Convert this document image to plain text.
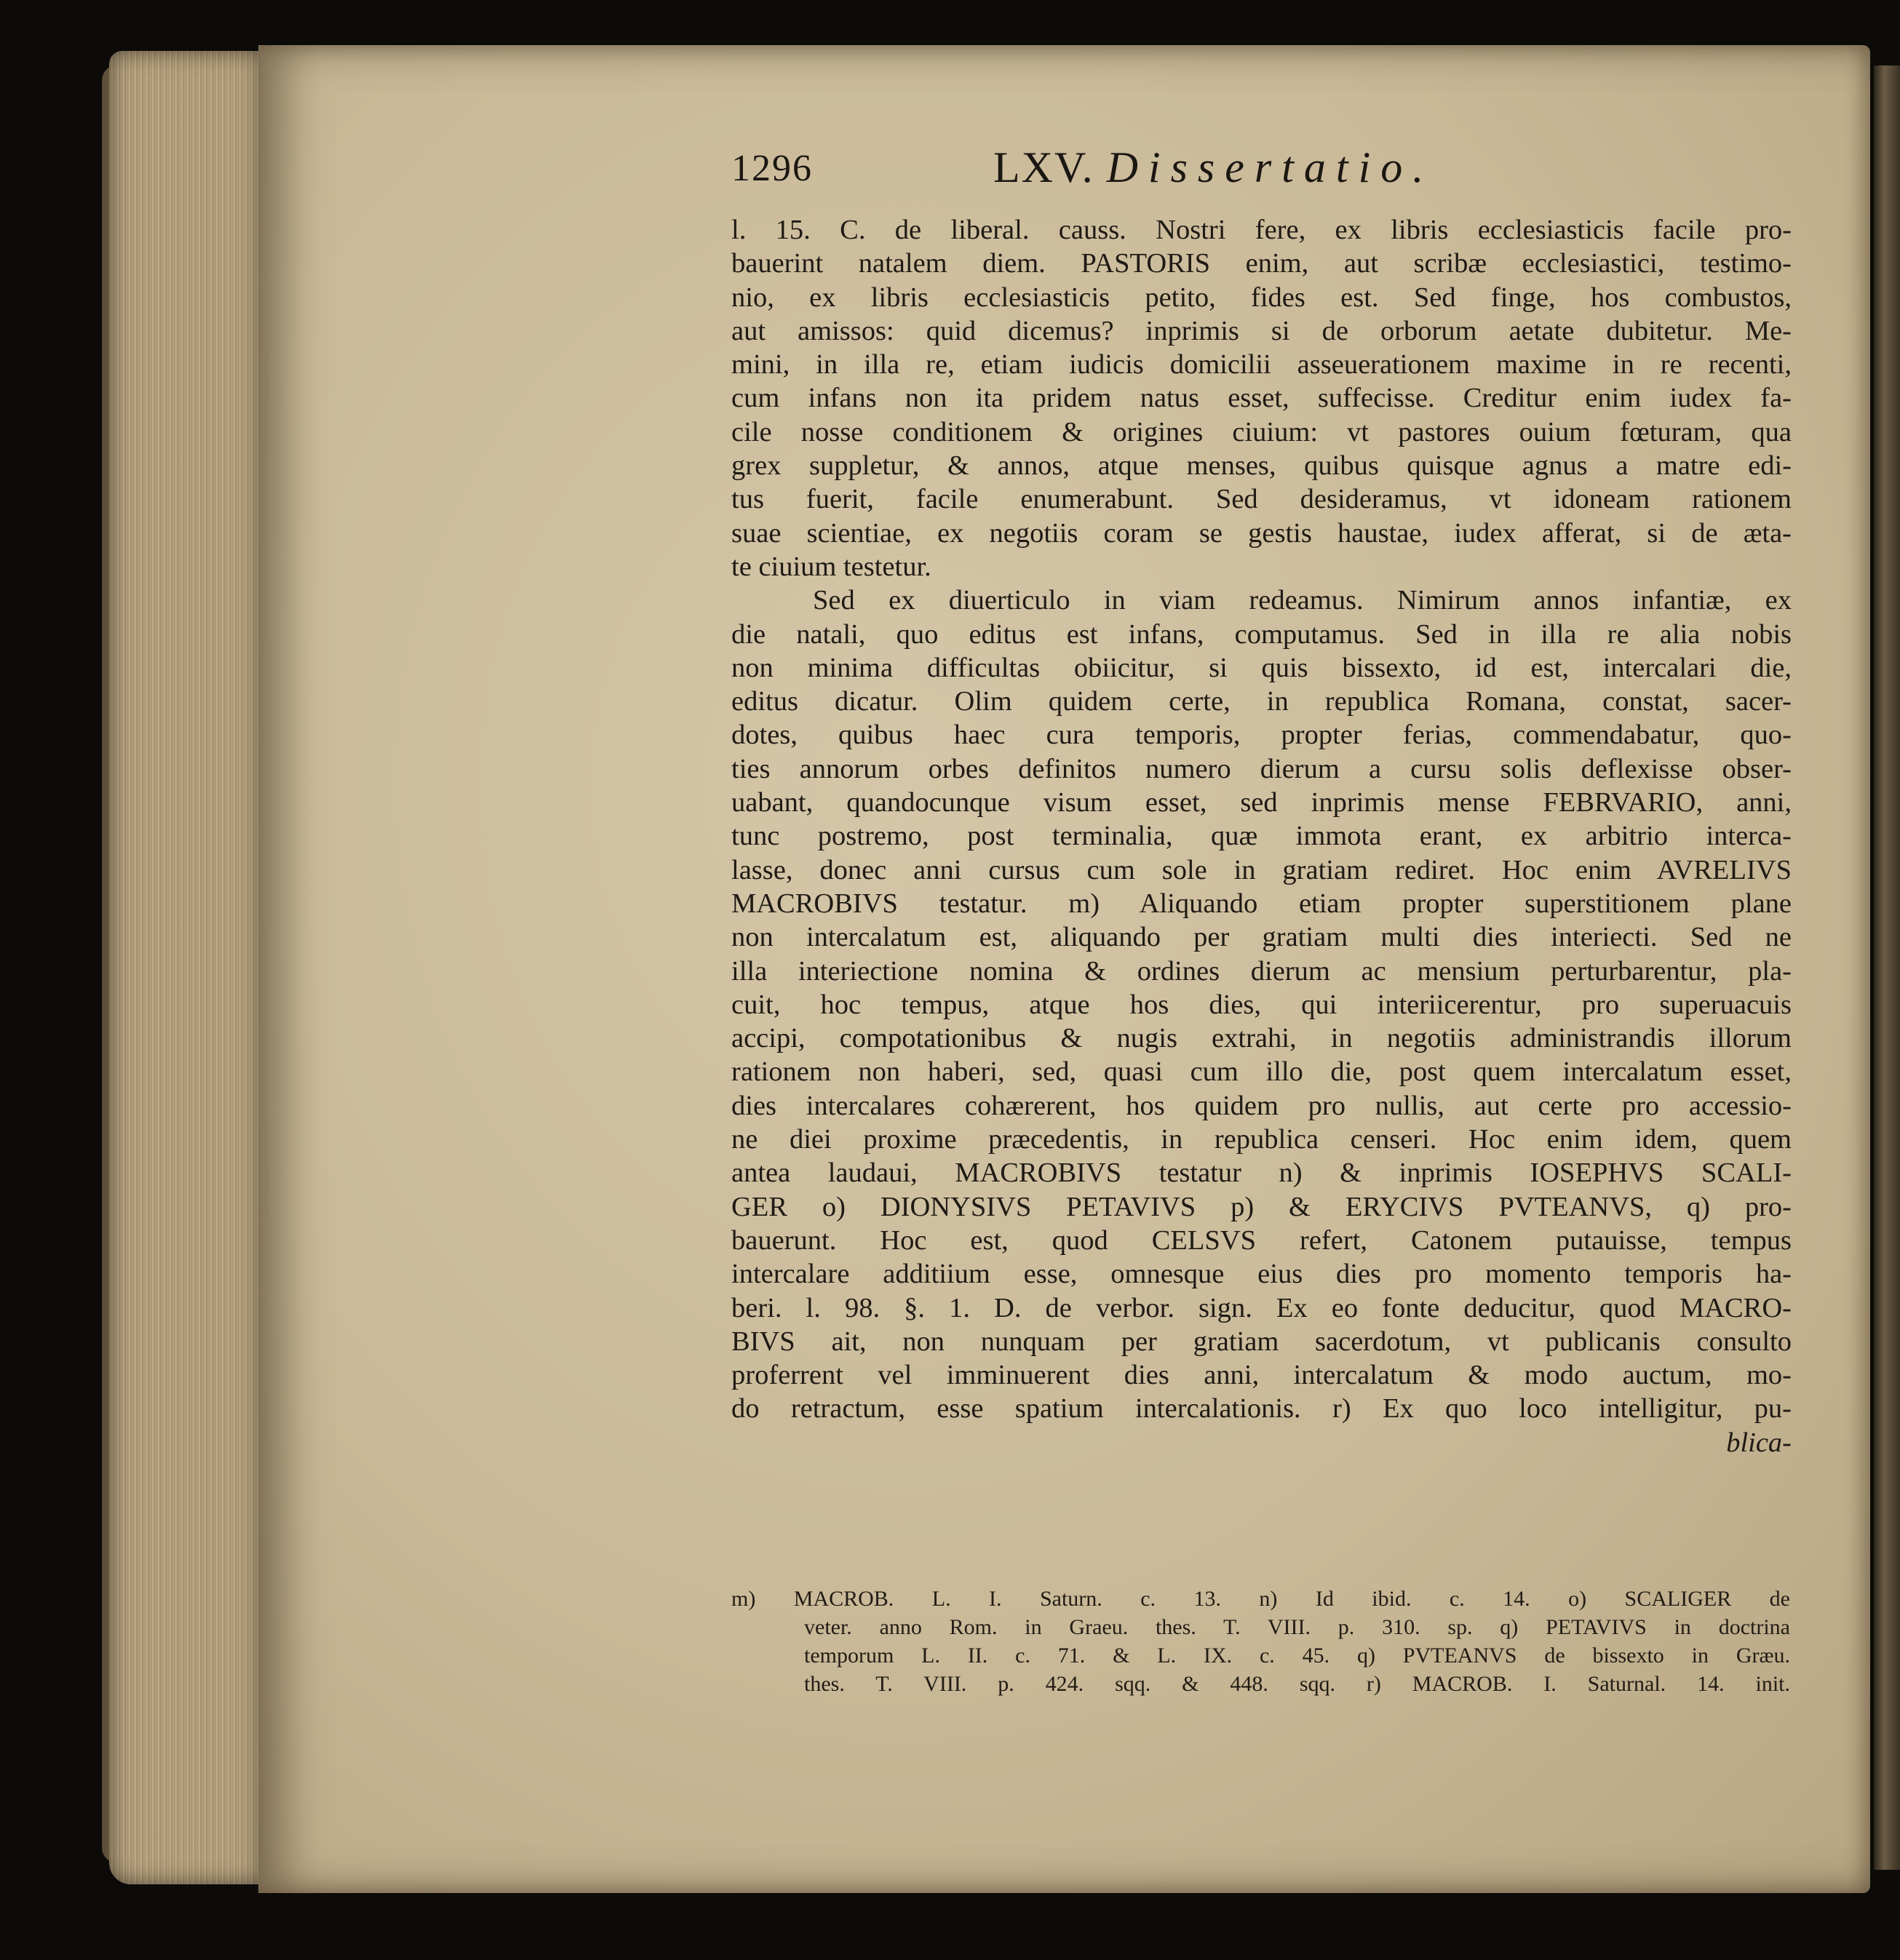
1296	LXV. Dissertatio.
l. 15. C. de liberal. causs. Nostri fere, ex libris ecclesiasticis facile pro-
bauerint natalem diem. PASTORIS enim, aut scribæ ecclesiastici, testimo-
nio, ex libris ecclesiasticis petito, fides est. Sed finge, hos combustos,
aut amissos: quid dicemus? inprimis si de orborum aetate dubitetur. Me-
mini, in illa re, etiam iudicis domicilii asseuerationem maxime in re recenti,
cum infans non ita pridem natus esset, suffecisse. Creditur enim iudex fa-
cile nosse conditionem & origines ciuium: vt pastores ouium fœturam, qua
grex suppletur, & annos, atque menses, quibus quisque agnus a matre edi-
tus fuerit, facile enumerabunt. Sed desideramus, vt idoneam rationem
suae scientiae, ex negotiis coram se gestis haustae, iudex afferat, si de æta-
te ciuium testetur.
Sed ex diuerticulo in viam redeamus. Nimirum annos infantiæ, ex
die natali, quo editus est infans, computamus. Sed in illa re alia nobis
non minima difficultas obiicitur, si quis bissexto, id est, intercalari die,
editus dicatur. Olim quidem certe, in republica Romana, constat, sacer-
dotes, quibus haec cura temporis, propter ferias, commendabatur, quo-
ties annorum orbes definitos numero dierum a cursu solis deflexisse obser-
uabant, quandocunque visum esset, sed inprimis mense FEBRVARIO, anni,
tunc postremo, post terminalia, quæ immota erant, ex arbitrio interca-
lasse, donec anni cursus cum sole in gratiam rediret. Hoc enim AVRELIVS
MACROBIVS testatur. m) Aliquando etiam propter superstitionem plane
non intercalatum est, aliquando per gratiam multi dies interiecti. Sed ne
illa interiectione nomina & ordines dierum ac mensium perturbarentur, pla-
cuit, hoc tempus, atque hos dies, qui interiicerentur, pro superuacuis
accipi, compotationibus & nugis extrahi, in negotiis administrandis illorum
rationem non haberi, sed, quasi cum illo die, post quem intercalatum esset,
dies intercalares cohærerent, hos quidem pro nullis, aut certe pro accessio-
ne diei proxime præcedentis, in republica censeri. Hoc enim idem, quem
antea laudaui, MACROBIVS testatur n) & inprimis IOSEPHVS SCALI-
GER o) DIONYSIVS PETAVIVS p) & ERYCIVS PVTEANVS, q) pro-
bauerunt. Hoc est, quod CELSVS refert, Catonem putauisse, tempus
intercalare additiium esse, omnesque eius dies pro momento temporis ha-
beri. l. 98. §. 1. D. de verbor. sign. Ex eo fonte deducitur, quod MACRO-
BIVS ait, non nunquam per gratiam sacerdotum, vt publicanis consulto
proferrent vel imminuerent dies anni, intercalatum & modo auctum, mo-
do retractum, esse spatium intercalationis. r) Ex quo loco intelligitur, pu-
blica-
m) MACROB. L. I. Saturn. c. 13. n) Id ibid. c. 14. o) SCALIGER de
veter. anno Rom. in Graeu. thes. T. VIII. p. 310. sp. q) PETAVIVS in doctrina
temporum L. II. c. 71. & L. IX. c. 45. q) PVTEANVS de bissexto in Græu.
thes. T. VIII. p. 424. sqq. & 448. sqq. r) MACROB. I. Saturnal. 14. init.
